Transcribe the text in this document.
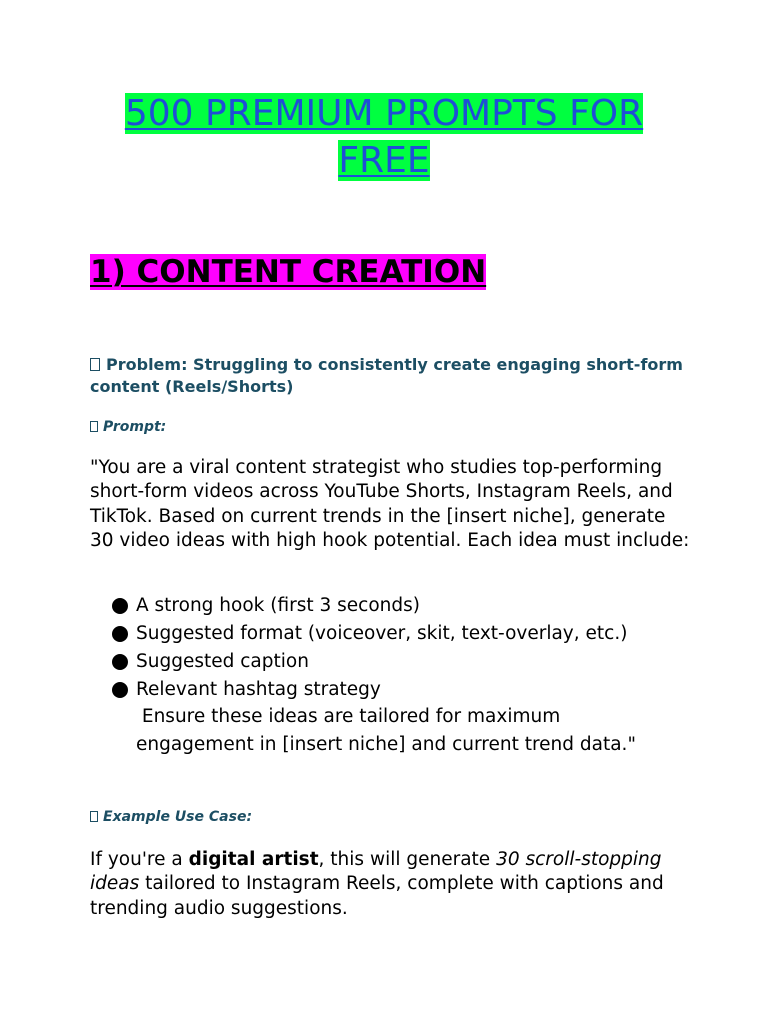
500 PREMIUM PROMPTS FOR
FREE
1) CONTENT CREATION
Problem: Struggling to consistently create engaging short-form content (Reels/Shorts)
Prompt:
"You are a viral content strategist who studies top-performing short-form videos across YouTube Shorts, Instagram Reels, and TikTok. Based on current trends in the [insert niche], generate 30 video ideas with high hook potential. Each idea must include:
A strong hook (first 3 seconds)
Suggested format (voiceover, skit, text-overlay, etc.)
Suggested caption
Relevant hashtag strategy
Ensure these ideas are tailored for maximum engagement in [insert niche] and current trend data."
Example Use Case:
If you're a digital artist, this will generate 30 scroll-stopping ideas tailored to Instagram Reels, complete with captions and trending audio suggestions.
